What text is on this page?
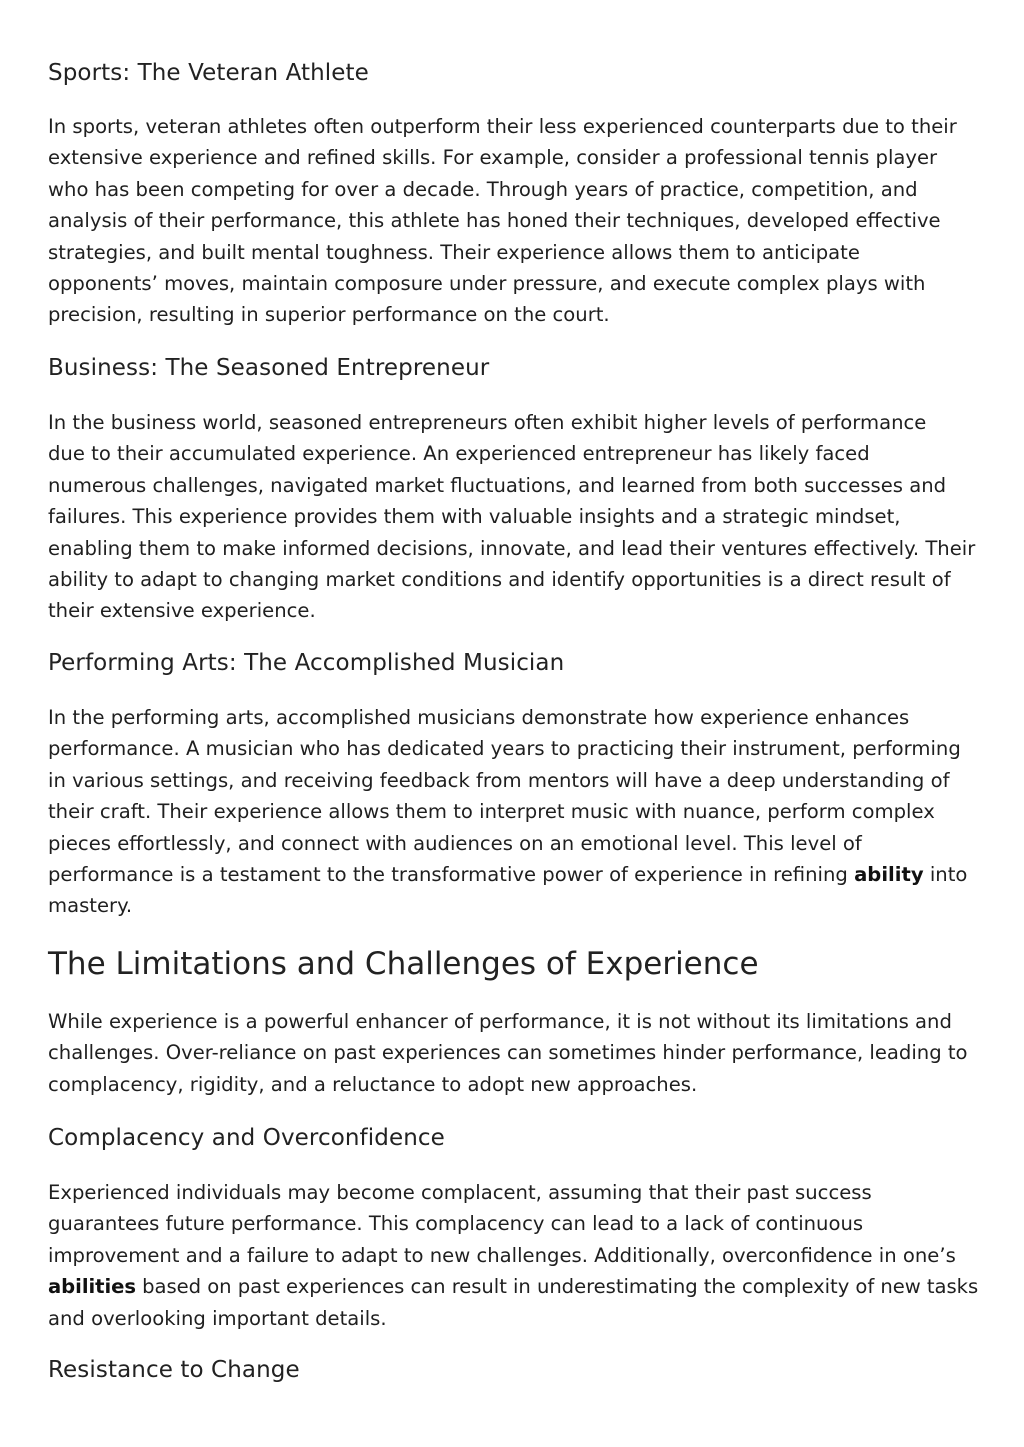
Sports: The Veteran Athlete
In sports, veteran athletes often outperform their less experienced counterparts due to their
extensive experience and refined skills. For example, consider a professional tennis player
who has been competing for over a decade. Through years of practice, competition, and
analysis of their performance, this athlete has honed their techniques, developed effective
strategies, and built mental toughness. Their experience allows them to anticipate
opponents’ moves, maintain composure under pressure, and execute complex plays with
precision, resulting in superior performance on the court.
Business: The Seasoned Entrepreneur
In the business world, seasoned entrepreneurs often exhibit higher levels of performance
due to their accumulated experience. An experienced entrepreneur has likely faced
numerous challenges, navigated market fluctuations, and learned from both successes and
failures. This experience provides them with valuable insights and a strategic mindset,
enabling them to make informed decisions, innovate, and lead their ventures effectively. Their
ability to adapt to changing market conditions and identify opportunities is a direct result of
their extensive experience.
Performing Arts: The Accomplished Musician
In the performing arts, accomplished musicians demonstrate how experience enhances
performance. A musician who has dedicated years to practicing their instrument, performing
in various settings, and receiving feedback from mentors will have a deep understanding of
their craft. Their experience allows them to interpret music with nuance, perform complex
pieces effortlessly, and connect with audiences on an emotional level. This level of
performance is a testament to the transformative power of experience in refining ability into
mastery.
The Limitations and Challenges of Experience
While experience is a powerful enhancer of performance, it is not without its limitations and
challenges. Over-reliance on past experiences can sometimes hinder performance, leading to
complacency, rigidity, and a reluctance to adopt new approaches.
Complacency and Overconfidence
Experienced individuals may become complacent, assuming that their past success
guarantees future performance. This complacency can lead to a lack of continuous
improvement and a failure to adapt to new challenges. Additionally, overconfidence in one’s
abilities based on past experiences can result in underestimating the complexity of new tasks
and overlooking important details.
Resistance to Change
